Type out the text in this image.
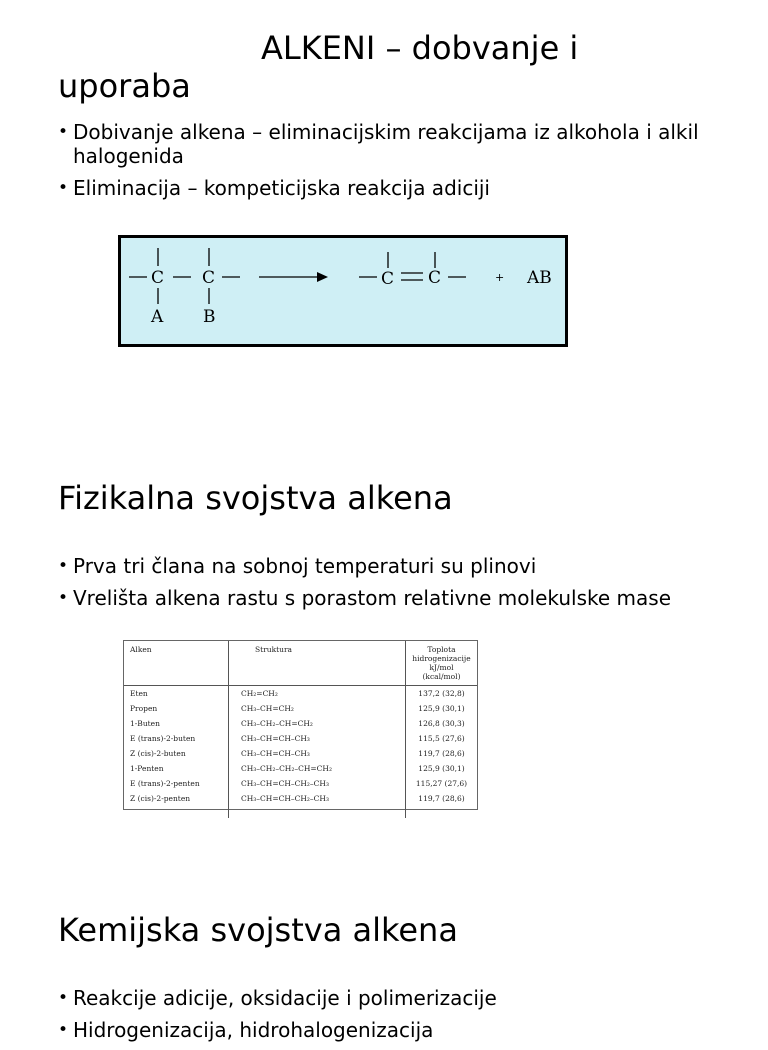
ALKENI – dobvanje i
uporaba
• Dobivanje alkena – eliminacijskim reakcijama iz alkohola i alkil halogenida
• Eliminacija – kompeticijska reakcija adiciji
C C
A B
C C	+ AB
Fizikalna svojstva alkena
• Prva tri člana na sobnoj temperaturi su plinovi
• Vrelišta alkena rastu s porastom relativne molekulske mase
Alken	Struktura	Toplota hidrogenizacije kJ/mol (kcal/mol)
Eten	CH₂=CH₂	137,2 (32,8)
Propen	CH₃–CH=CH₂	125,9 (30,1)
1-Buten	CH₃–CH₂–CH=CH₂	126,8 (30,3)
E (trans)-2-buten	CH₃–CH=CH–CH₃	115,5 (27,6)
Z (cis)-2-buten	CH₃–CH=CH–CH₃	119,7 (28,6)
1-Penten	CH₃–CH₂–CH₂–CH=CH₂	125,9 (30,1)
E (trans)-2-penten	CH₃–CH=CH–CH₂–CH₃	115,27 (27,6)
Z (cis)-2-penten	CH₃–CH=CH–CH₂–CH₃	119,7 (28,6)

Kemijska svojstva alkena
• Reakcije adicije, oksidacije i polimerizacije
• Hidrogenizacija, hidrohalogenizacija
